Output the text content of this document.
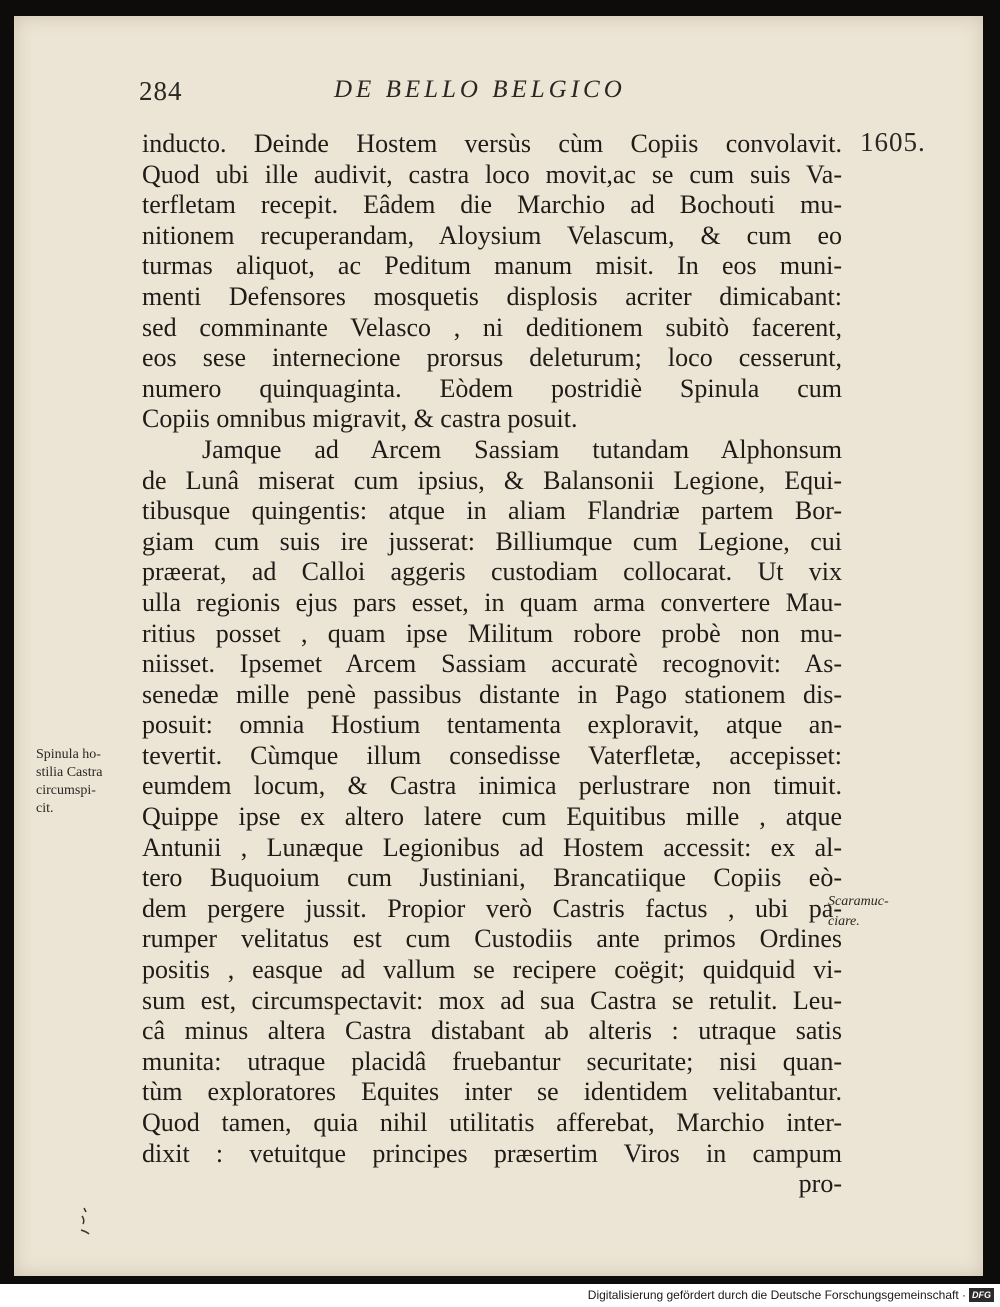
284	DE BELLO BELGICO
1605.
inducto. Deinde Hostem versùs cùm Copiis convolavit.
Quod ubi ille audivit, castra loco movit,ac se cum suis Va-
terfletam recepit. Eâdem die Marchio ad Bochouti mu-
nitionem recuperandam, Aloysium Velascum, & cum eo
turmas aliquot, ac Peditum manum misit. In eos muni-
menti Defensores mosquetis displosis acriter dimicabant:
sed comminante Velasco , ni deditionem subitò facerent,
eos sese internecione prorsus deleturum; loco cesserunt,
numero quinquaginta. Eòdem postridiè Spinula cum
Copiis omnibus migravit, & castra posuit.
Jamque ad Arcem Sassiam tutandam Alphonsum
de Lunâ miserat cum ipsius, & Balansonii Legione, Equi-
tibusque quingentis: atque in aliam Flandriæ partem Bor-
giam cum suis ire jusserat: Billiumque cum Legione, cui
præerat, ad Calloi aggeris custodiam collocarat. Ut vix
ulla regionis ejus pars esset, in quam arma convertere Mau-
ritius posset , quam ipse Militum robore probè non mu-
niisset. Ipsemet Arcem Sassiam accuratè recognovit: As-
senedæ mille penè passibus distante in Pago stationem dis-
posuit: omnia Hostium tentamenta exploravit, atque an-
tevertit. Cùmque illum consedisse Vaterfletæ, accepisset:
eumdem locum, & Castra inimica perlustrare non timuit.
Quippe ipse ex altero latere cum Equitibus mille , atque
Antunii , Lunæque Legionibus ad Hostem accessit: ex al-
tero Buquoium cum Justiniani, Brancatiique Copiis eò-
dem pergere jussit. Propior verò Castris factus , ubi pa-
rumper velitatus est cum Custodiis ante primos Ordines
positis , easque ad vallum se recipere coëgit; quidquid vi-
sum est, circumspectavit: mox ad sua Castra se retulit. Leu-
câ minus altera Castra distabant ab alteris : utraque satis
munita: utraque placidâ fruebantur securitate; nisi quan-
tùm exploratores Equites inter se identidem velitabantur.
Quod tamen, quia nihil utilitatis afferebat, Marchio inter-
dixit : vetuitque principes præsertim Viros in campum
pro-
Spinula ho-
stilia Castra
circumspi-
cit.
Scaramuc-
ciare.
Digitalisierung gefördert durch die Deutsche Forschungsgemeinschaft · DFG
